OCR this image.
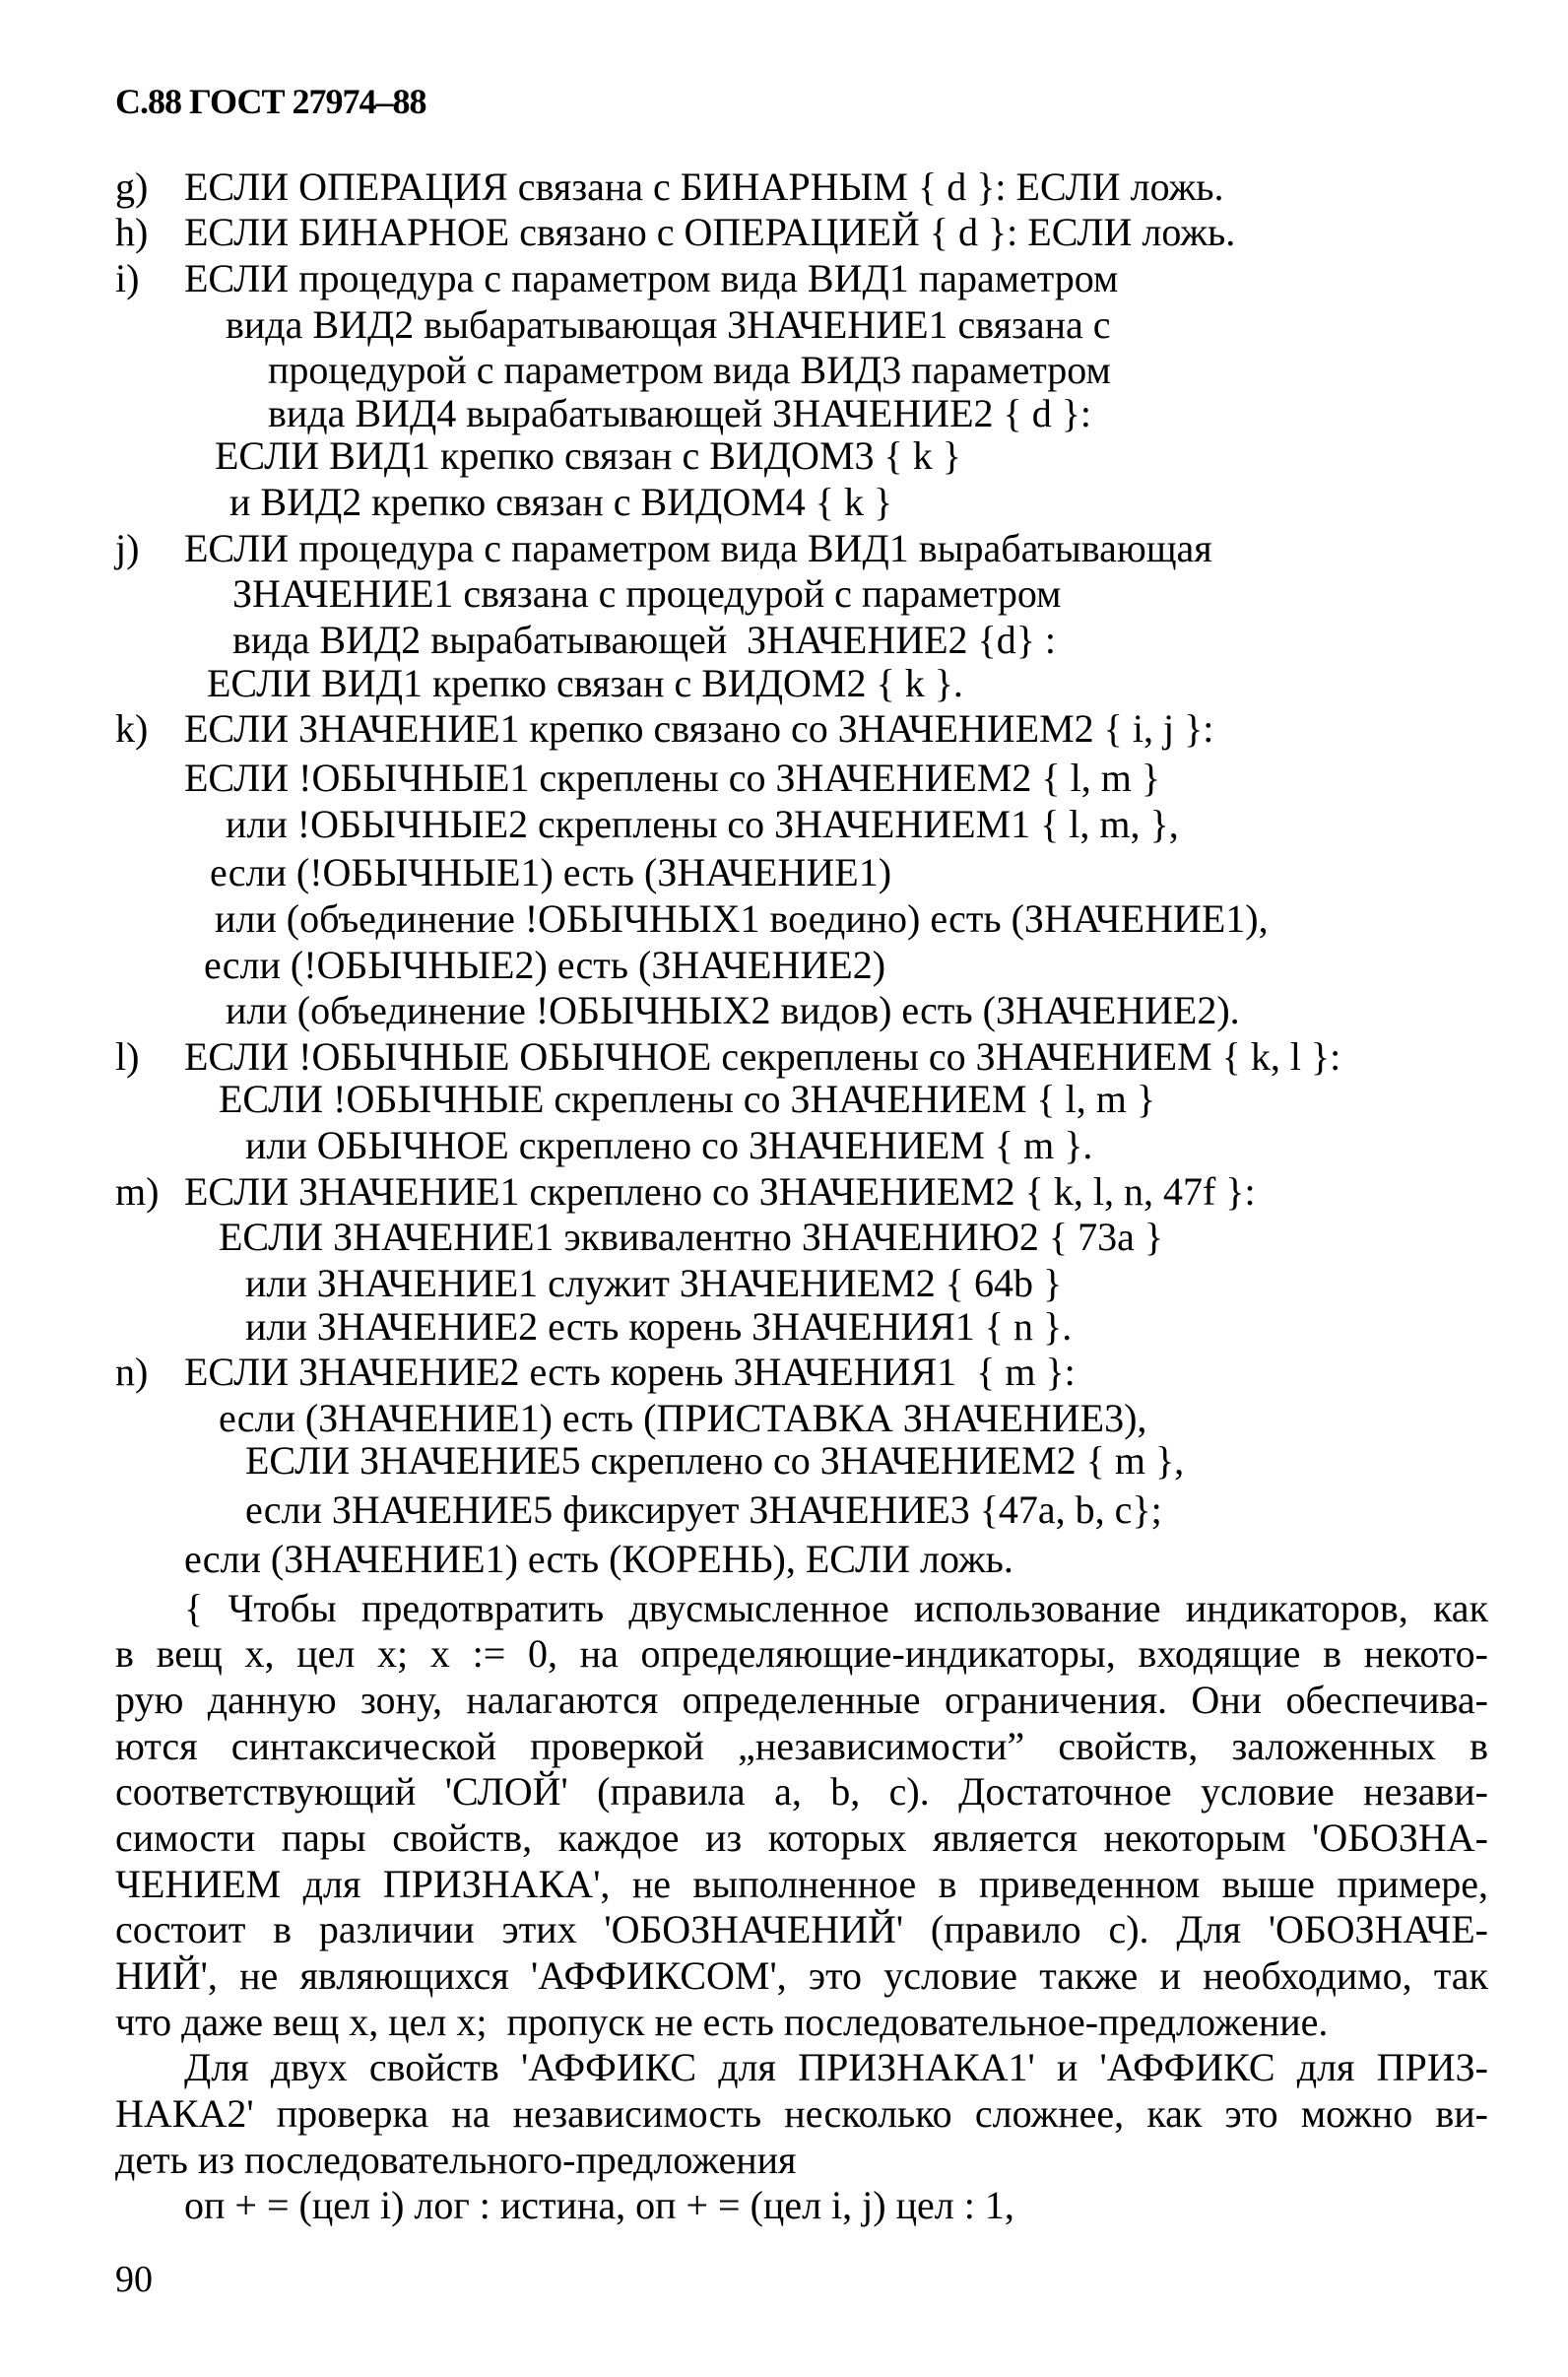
С.88 ГОСТ 27974–88
g)
h)
i)
j)
k)
l)
m)
n)
ЕСЛИ ОПЕРАЦИЯ связана с БИНАРНЫМ { d }: ЕСЛИ ложь.
ЕСЛИ БИНАРНОЕ связано с ОПЕРАЦИЕЙ { d }: ЕСЛИ ложь.
ЕСЛИ процедура с параметром вида ВИД1 параметром
вида ВИД2 выбаратывающая ЗНАЧЕНИЕ1 связана с
процедурой с параметром вида ВИД3 параметром
вида ВИД4 вырабатывающей ЗНАЧЕНИЕ2 { d }:
ЕСЛИ ВИД1 крепко связан с ВИДОМ3 { k }
и ВИД2 крепко связан с ВИДОМ4 { k }
ЕСЛИ процедура с параметром вида ВИД1 вырабатывающая
ЗНАЧЕНИЕ1 связана с процедурой с параметром
вида ВИД2 вырабатывающей  ЗНАЧЕНИЕ2 {d} :
ЕСЛИ ВИД1 крепко связан с ВИДОМ2 { k }.
ЕСЛИ ЗНАЧЕНИЕ1 крепко связано со ЗНАЧЕНИЕМ2 { i, j }:
ЕСЛИ !ОБЫЧНЫЕ1 скреплены со ЗНАЧЕНИЕМ2 { l, m }
или !ОБЫЧНЫЕ2 скреплены со ЗНАЧЕНИЕМ1 { l, m, },
если (!ОБЫЧНЫЕ1) есть (ЗНАЧЕНИЕ1)
или (объединение !ОБЫЧНЫХ1 воедино) есть (ЗНАЧЕНИЕ1),
если (!ОБЫЧНЫЕ2) есть (ЗНАЧЕНИЕ2)
или (объединение !ОБЫЧНЫХ2 видов) есть (ЗНАЧЕНИЕ2).
ЕСЛИ !ОБЫЧНЫЕ ОБЫЧНОЕ секреплены со ЗНАЧЕНИЕМ { k, l }:
ЕСЛИ !ОБЫЧНЫЕ скреплены со ЗНАЧЕНИЕМ { l, m }
или ОБЫЧНОЕ скреплено со ЗНАЧЕНИЕМ { m }.
ЕСЛИ ЗНАЧЕНИЕ1 скреплено со ЗНАЧЕНИЕМ2 { k, l, n, 47f }:
ЕСЛИ ЗНАЧЕНИЕ1 эквивалентно ЗНАЧЕНИЮ2 { 73a }
или ЗНАЧЕНИЕ1 служит ЗНАЧЕНИЕМ2 { 64b }
или ЗНАЧЕНИЕ2 есть корень ЗНАЧЕНИЯ1 { n }.
ЕСЛИ ЗНАЧЕНИЕ2 есть корень ЗНАЧЕНИЯ1  { m }:
если (ЗНАЧЕНИЕ1) есть (ПРИСТАВКА ЗНАЧЕНИЕ3),
ЕСЛИ ЗНАЧЕНИЕ5 скреплено со ЗНАЧЕНИЕМ2 { m },
если ЗНАЧЕНИЕ5 фиксирует ЗНАЧЕНИЕ3 {47a, b, c};
если (ЗНАЧЕНИЕ1) есть (КОРЕНЬ), ЕСЛИ ложь.
{ Чтобы предотвратить двусмысленное использование индикаторов, как
в вещ x, цел x; x := 0, на определяющие-индикаторы, входящие в некото-
рую данную зону, налагаются определенные ограничения. Они обеспечива-
ются синтаксической проверкой „независимости” свойств, заложенных в
соответствующий 'СЛОЙ' (правила a, b, c). Достаточное условие незави-
симости пары свойств, каждое из которых является некоторым 'ОБОЗНА-
ЧЕНИЕМ для ПРИЗНАКА', не выполненное в приведенном выше примере,
состоит в различии этих 'ОБОЗНАЧЕНИЙ' (правило c). Для 'ОБОЗНАЧЕ-
НИЙ', не являющихся 'АФФИКСОМ', это условие также и необходимо, так
что даже вещ x, цел x;  пропуск не есть последовательное-предложение.
Для двух свойств 'АФФИКС для ПРИЗНАКА1' и 'АФФИКС для ПРИЗ-
НАКА2' проверка на независимость несколько сложнее, как это можно ви-
деть из последовательного-предложения
оп + = (цел i) лог : истина, оп + = (цел i, j) цел : 1,
90
